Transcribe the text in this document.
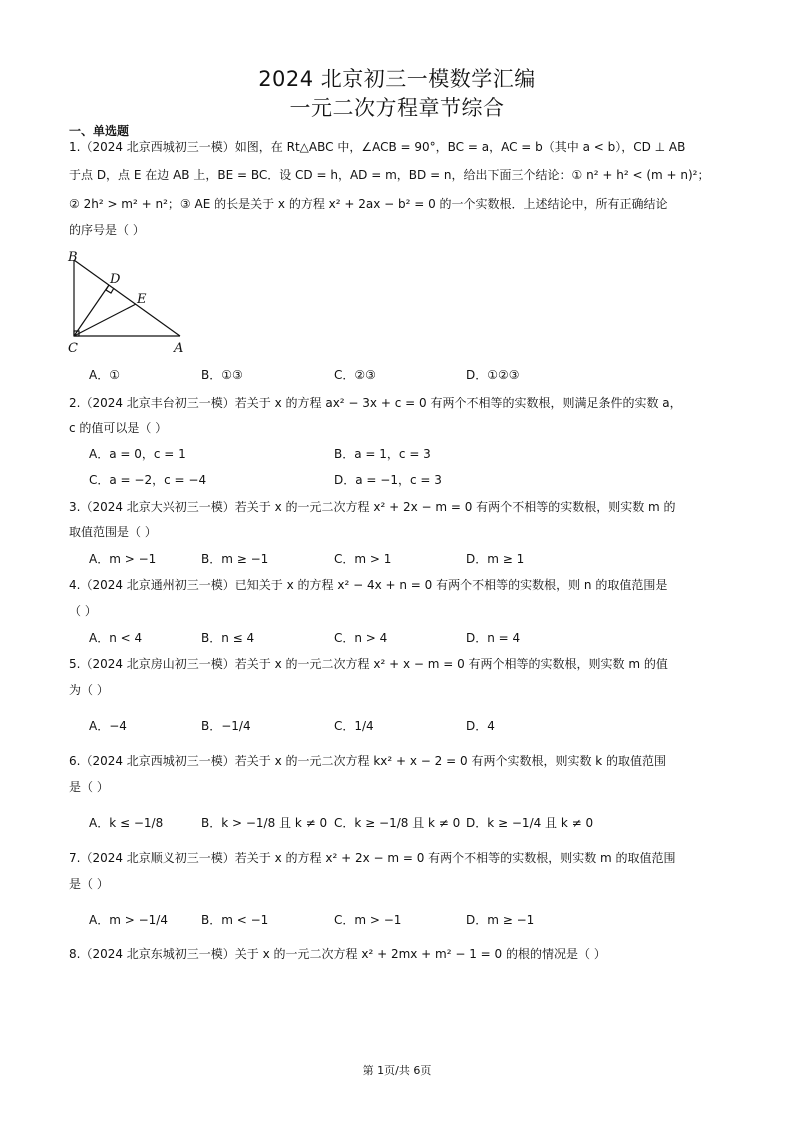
2024 北京初三一模数学汇编
一元二次方程章节综合
一、单选题
1.（2024 北京西城初三一模）如图，在 Rt△ABC 中，∠ACB = 90°，BC = a，AC = b（其中 a < b），CD ⊥ AB
于点 D，点 E 在边 AB 上，BE = BC．设 CD = h，AD = m，BD = n，给出下面三个结论：① n² + h² < (m + n)²；
② 2h² > m² + n²；③ AE 的长是关于 x 的方程 x² + 2ax − b² = 0 的一个实数根．上述结论中，所有正确结论
的序号是（ ）
B
D
E
C	A
A．①	B．①③	C．②③	D．①②③
2.（2024 北京丰台初三一模）若关于 x 的方程 ax² − 3x + c = 0 有两个不相等的实数根，则满足条件的实数 a，
c 的值可以是（ ）
A．a = 0，c = 1	B．a = 1，c = 3
C．a = −2，c = −4	D．a = −1，c = 3
3.（2024 北京大兴初三一模）若关于 x 的一元二次方程 x² + 2x − m = 0 有两个不相等的实数根，则实数 m 的
取值范围是（ ）
A．m > −1	B．m ≥ −1	C．m > 1	D．m ≥ 1
4.（2024 北京通州初三一模）已知关于 x 的方程 x² − 4x + n = 0 有两个不相等的实数根，则 n 的取值范围是
（ ）
A．n < 4	B．n ≤ 4	C．n > 4	D．n = 4
5.（2024 北京房山初三一模）若关于 x 的一元二次方程 x² + x − m = 0 有两个相等的实数根，则实数 m 的值
为（ ）
A．−4	B．−1/4	C．1/4	D．4
6.（2024 北京西城初三一模）若关于 x 的一元二次方程 kx² + x − 2 = 0 有两个实数根，则实数 k 的取值范围
是（ ）
A．k ≤ −1/8	B．k > −1/8 且 k ≠ 0 C．k ≥ −1/8 且 k ≠ 0 D．k ≥ −1/4 且 k ≠ 0
7.（2024 北京顺义初三一模）若关于 x 的方程 x² + 2x − m = 0 有两个不相等的实数根，则实数 m 的取值范围
是（ ）
A．m > −1/4	B．m < −1	C．m > −1	D．m ≥ −1
8.（2024 北京东城初三一模）关于 x 的一元二次方程 x² + 2mx + m² − 1 = 0 的根的情况是（ ）
第 1页/共 6页
